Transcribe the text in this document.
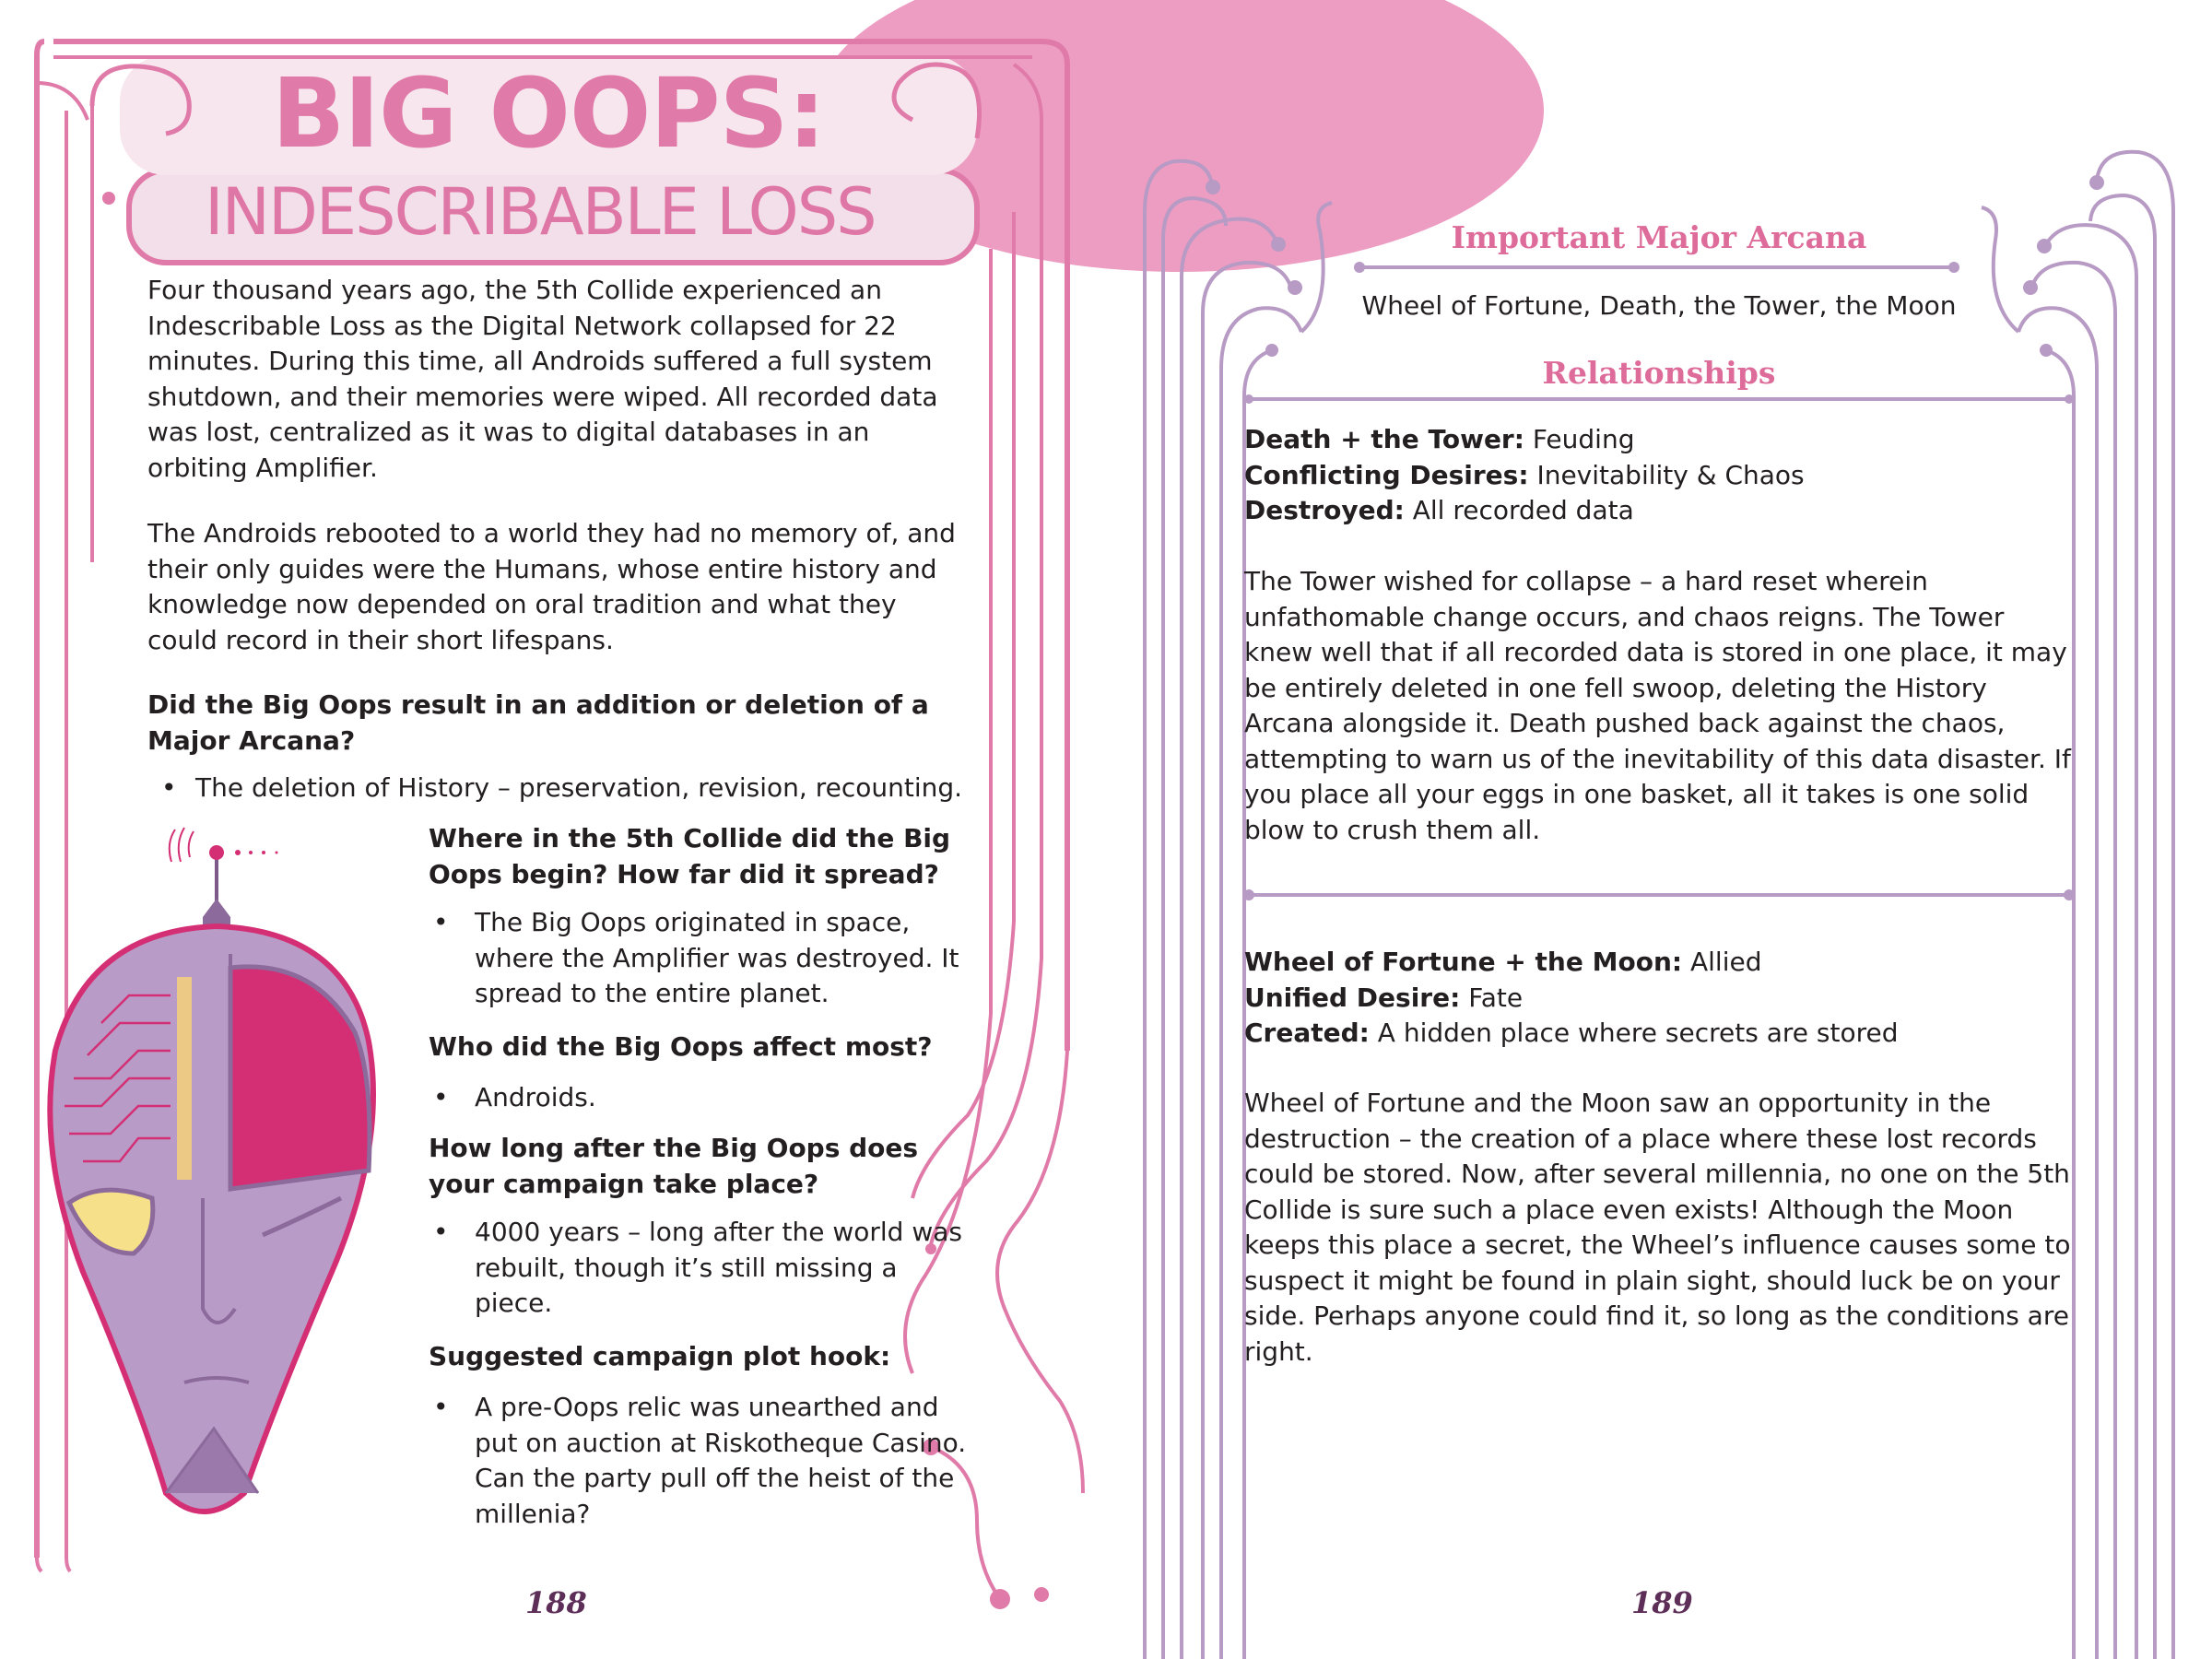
BIG OOPS:
INDESCRIBABLE LOSS

Four thousand years ago, the 5th Collide experienced an Indescribable Loss as the Digital Network collapsed for 22 minutes. During this time, all Androids suffered a full system shutdown, and their memories were wiped. All recorded data was lost, centralized as it was to digital databases in an orbiting Amplifier.

The Androids rebooted to a world they had no memory of, and their only guides were the Humans, whose entire history and knowledge now depended on oral tradition and what they could record in their short lifespans.

Did the Big Oops result in an addition or deletion of a Major Arcana?

• The deletion of History – preservation, revision, recounting.

Where in the 5th Collide did the Big Oops begin? How far did it spread?

•	The Big Oops originated in space, where the Amplifier was destroyed. It spread to the entire planet.

Who did the Big Oops affect most?

•	Androids.

How long after the Big Oops does your campaign take place?

•	4000 years – long after the world was rebuilt, though it’s still missing a piece.

Suggested campaign plot hook:

•	A pre-Oops relic was unearthed and put on auction at Riskotheque Casino. Can the party pull off the heist of the millenia?
188
Important Major Arcana
Wheel of Fortune, Death, the Tower, the Moon
Relationships
Death + the Tower: Feuding
Conflicting Desires: Inevitability & Chaos
Destroyed: All recorded data

The Tower wished for collapse – a hard reset wherein unfathomable change occurs, and chaos reigns. The Tower knew well that if all recorded data is stored in one place, it may be entirely deleted in one fell swoop, deleting the History Arcana alongside it. Death pushed back against the chaos, attempting to warn us of the inevitability of this data disaster. If you place all your eggs in one basket, all it takes is one solid blow to crush them all.

Wheel of Fortune + the Moon: Allied
Unified Desire: Fate
Created: A hidden place where secrets are stored

Wheel of Fortune and the Moon saw an opportunity in the destruction – the creation of a place where these lost records could be stored. Now, after several millennia, no one on the 5th Collide is sure such a place even exists! Although the Moon keeps this place a secret, the Wheel’s influence causes some to suspect it might be found in plain sight, should luck be on your side. Perhaps anyone could find it, so long as the conditions are right.

189
